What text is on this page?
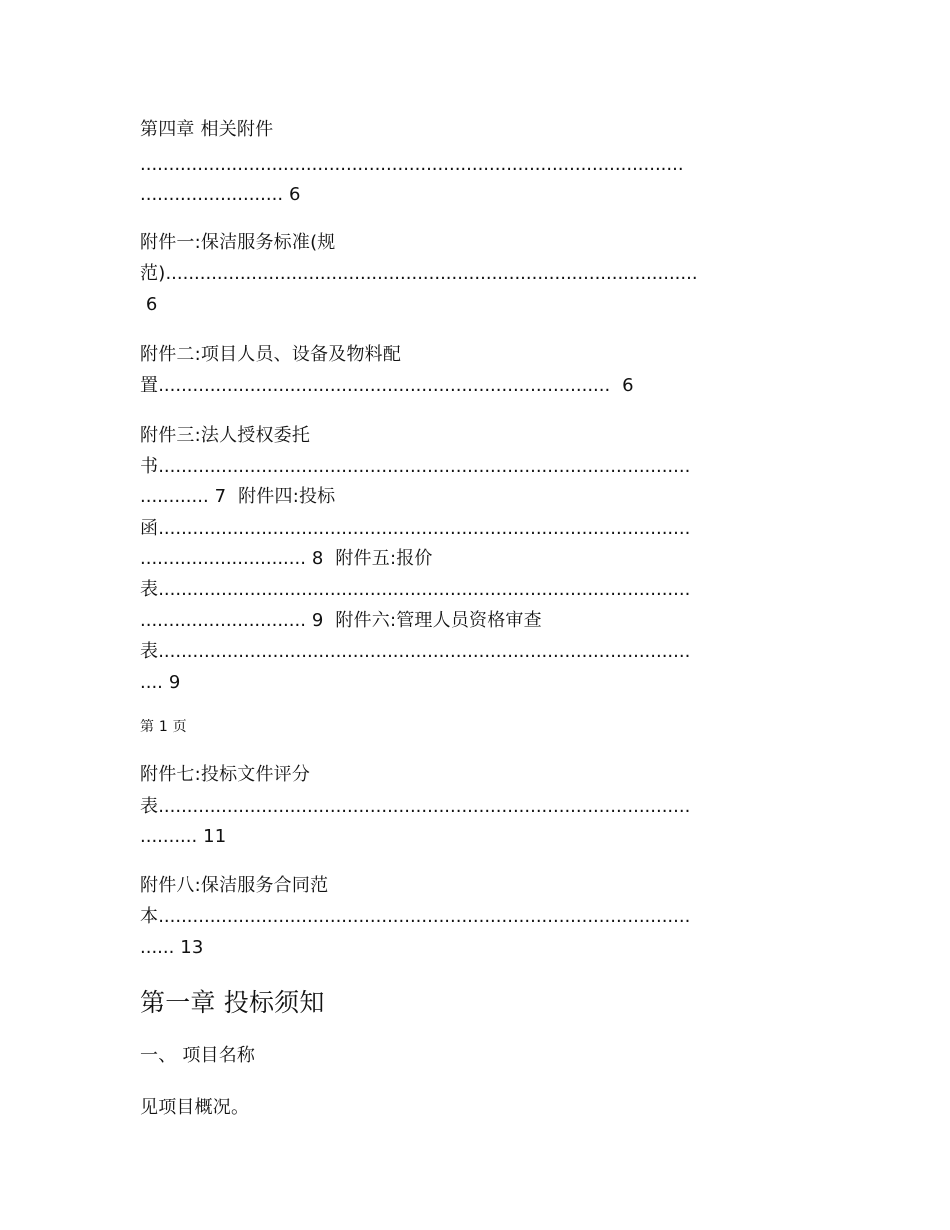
第四章 相关附件
...............................................................................................
......................... 6
附件一:保洁服务标准(规
范).............................................................................................
6
附件二:项目人员、设备及物料配
置............................................................................... 6
附件三:法人授权委托
书.............................................................................................
............ 7 附件四:投标
函.............................................................................................
............................. 8 附件五:报价
表.............................................................................................
............................. 9 附件六:管理人员资格审查
表.............................................................................................
.... 9
第 1 页
附件七:投标文件评分
表.............................................................................................
.......... 11
附件八:保洁服务合同范
本.............................................................................................
...... 13
第一章 投标须知
一、 项目名称
见项目概况。
